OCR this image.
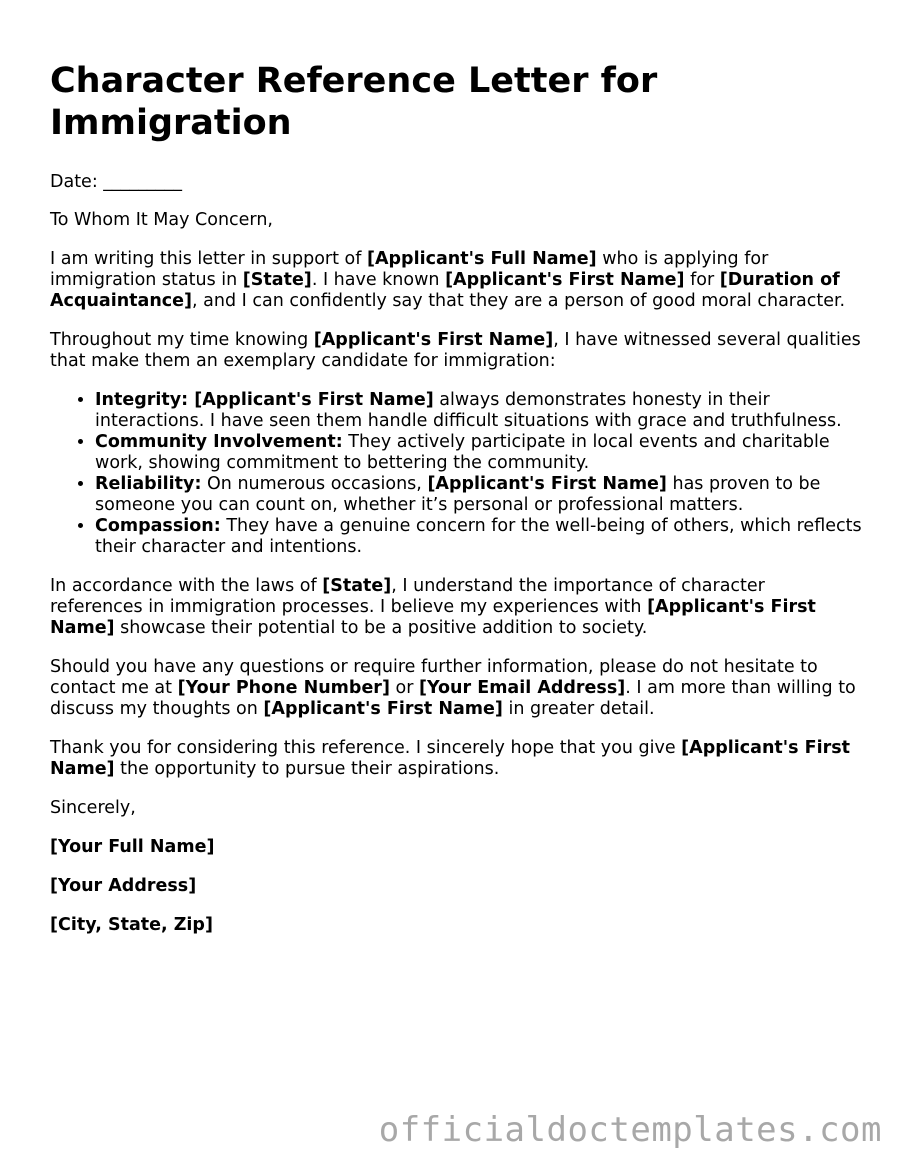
Character Reference Letter for Immigration

Date: _________

To Whom It May Concern,

I am writing this letter in support of [Applicant's Full Name] who is applying for immigration status in [State]. I have known [Applicant's First Name] for [Duration of Acquaintance], and I can confidently say that they are a person of good moral character.

Throughout my time knowing [Applicant's First Name], I have witnessed several qualities that make them an exemplary candidate for immigration:

• Integrity: [Applicant's First Name] always demonstrates honesty in their interactions. I have seen them handle difficult situations with grace and truthfulness.
• Community Involvement: They actively participate in local events and charitable work, showing commitment to bettering the community.
• Reliability: On numerous occasions, [Applicant's First Name] has proven to be someone you can count on, whether it’s personal or professional matters.
• Compassion: They have a genuine concern for the well-being of others, which reflects their character and intentions.

In accordance with the laws of [State], I understand the importance of character references in immigration processes. I believe my experiences with [Applicant's First Name] showcase their potential to be a positive addition to society.

Should you have any questions or require further information, please do not hesitate to contact me at [Your Phone Number] or [Your Email Address]. I am more than willing to discuss my thoughts on [Applicant's First Name] in greater detail.

Thank you for considering this reference. I sincerely hope that you give [Applicant's First Name] the opportunity to pursue their aspirations.

Sincerely,

[Your Full Name]

[Your Address]

[City, State, Zip]

officialdoctemplates.com
